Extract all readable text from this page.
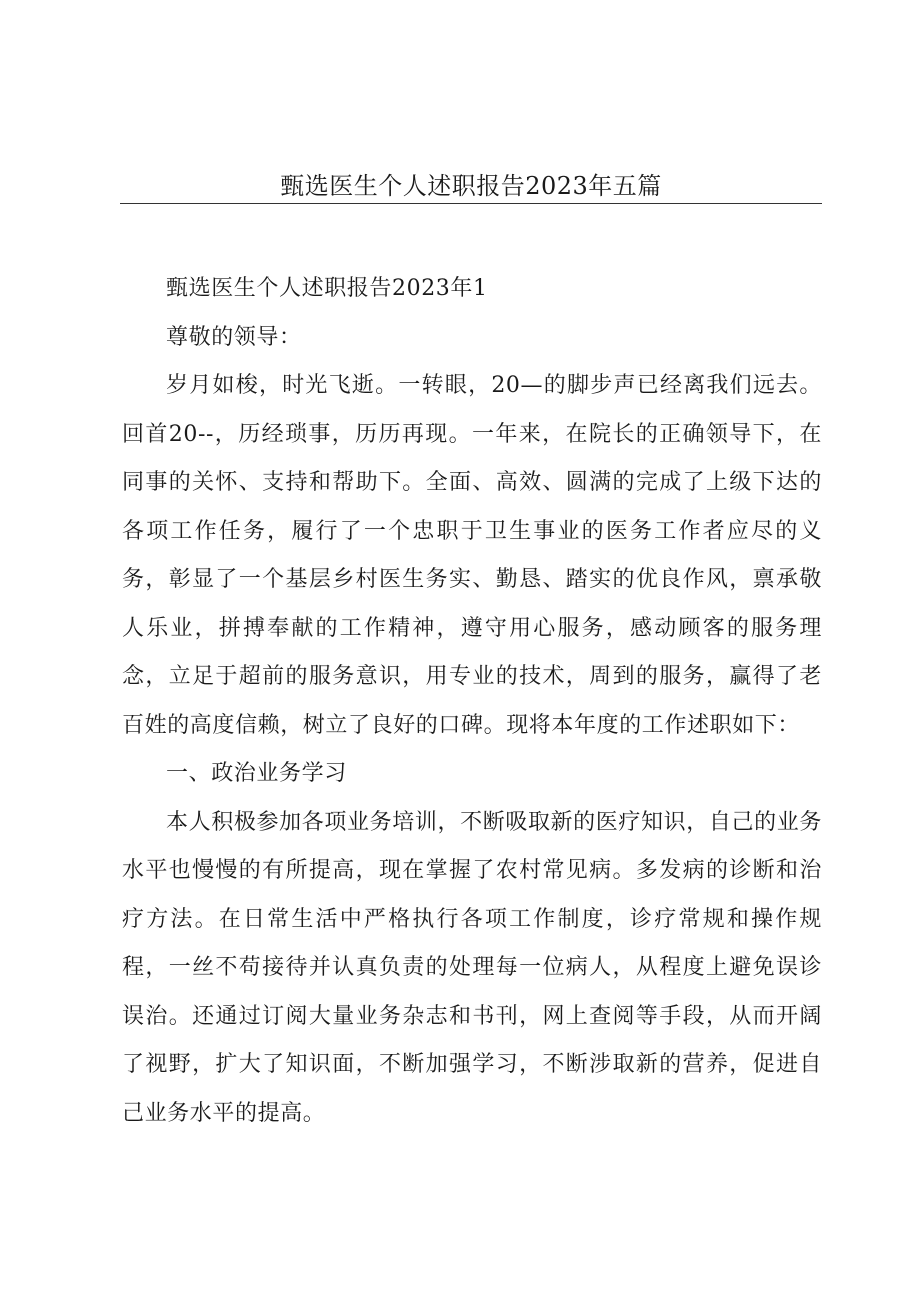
甄选医生个人述职报告2023年五篇

甄选医生个人述职报告2023年1

尊敬的领导：

岁月如梭，时光飞逝。一转眼，20—的脚步声已经离我们远去。回首20--，历经琐事，历历再现。一年来，在院长的正确领导下，在同事的关怀、支持和帮助下。全面、高效、圆满的完成了上级下达的各项工作任务，履行了一个忠职于卫生事业的医务工作者应尽的义务，彰显了一个基层乡村医生务实、勤恳、踏实的优良作风，禀承敬人乐业，拼搏奉献的工作精神，遵守用心服务，感动顾客的服务理念，立足于超前的服务意识，用专业的技术，周到的服务，赢得了老百姓的高度信赖，树立了良好的口碑。现将本年度的工作述职如下：

一、政治业务学习

本人积极参加各项业务培训，不断吸取新的医疗知识，自己的业务水平也慢慢的有所提高，现在掌握了农村常见病。多发病的诊断和治疗方法。在日常生活中严格执行各项工作制度，诊疗常规和操作规程，一丝不苟接待并认真负责的处理每一位病人，从程度上避免误诊误治。还通过订阅大量业务杂志和书刊，网上查阅等手段，从而开阔了视野，扩大了知识面，不断加强学习，不断涉取新的营养，促进自己业务水平的提高。
